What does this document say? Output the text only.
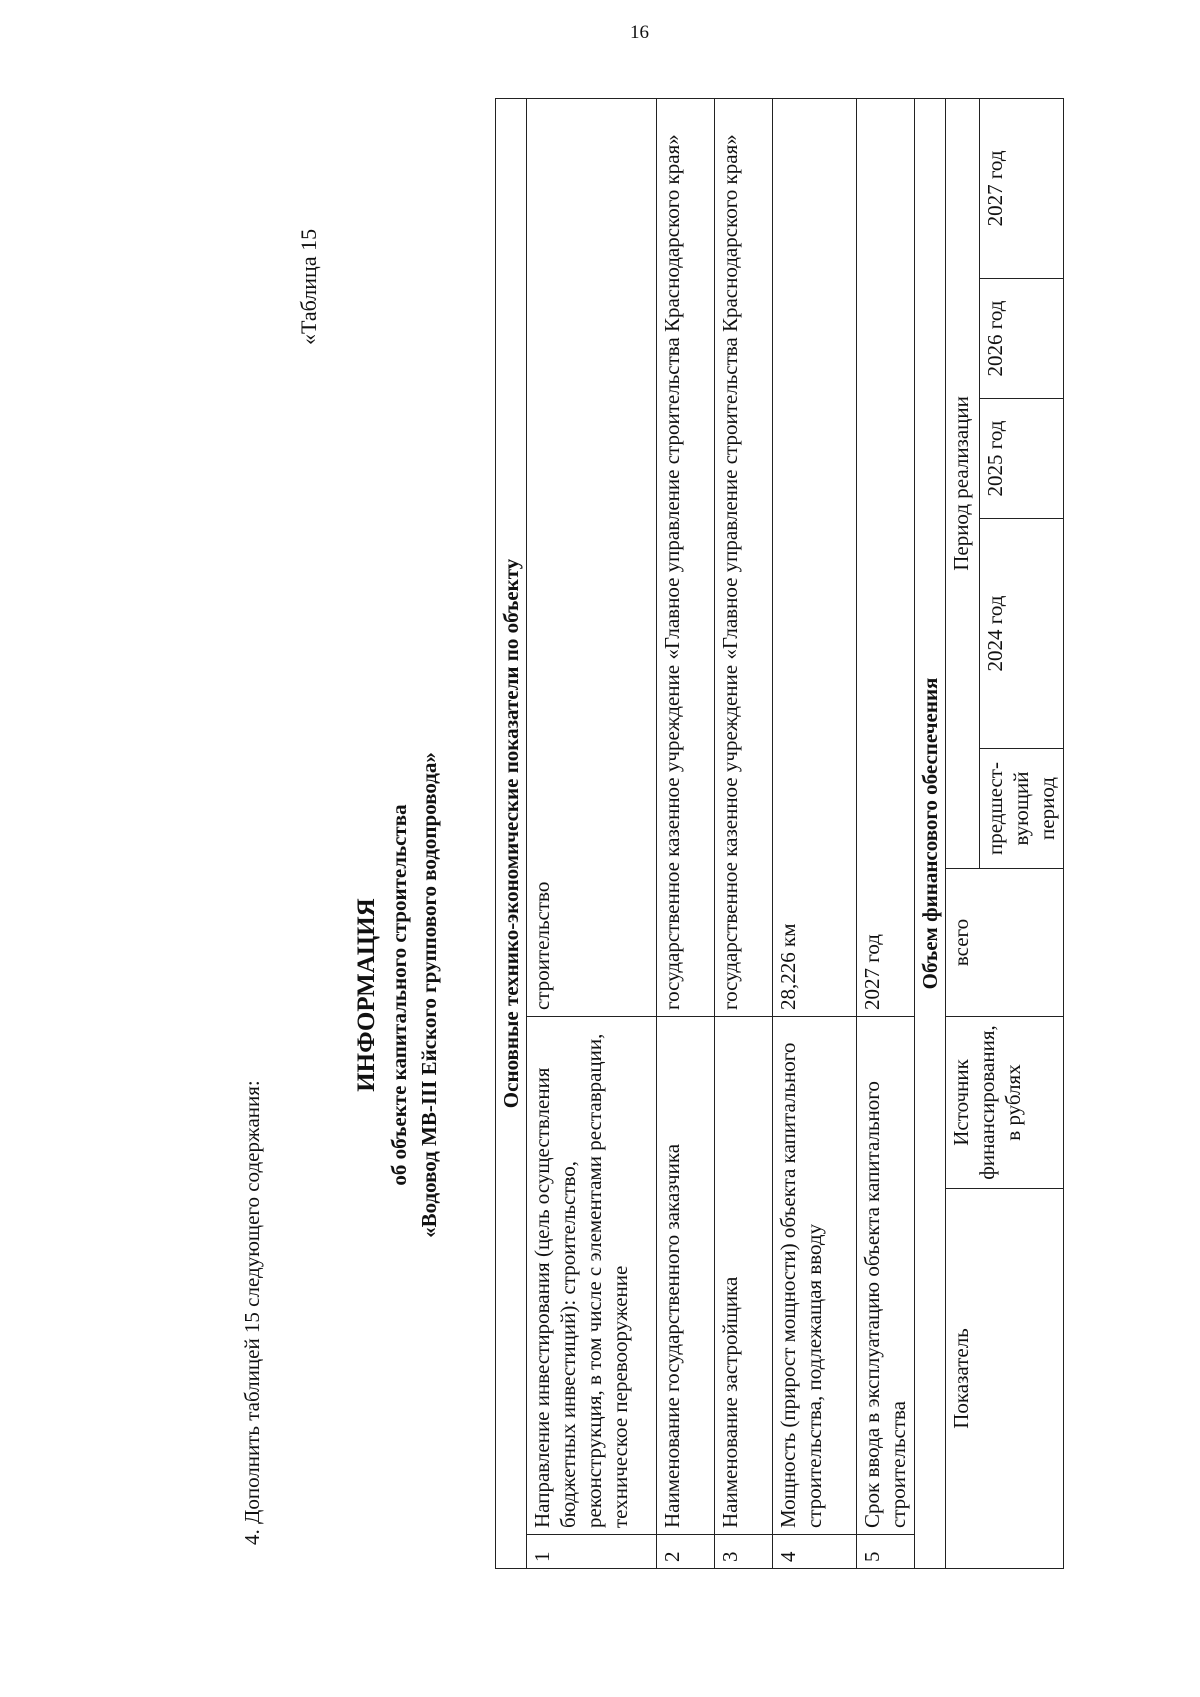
16
4. Дополнить таблицей 15 следующего содержания:
«Таблица 15
ИНФОРМАЦИЯ об объекте капитального строительства «Водовод МВ-III Ейского группового водопровода»	Основные технико-экономические показатели по объекту								
1	Направление инвестирования (цель осуществления бюджетных инвестиций): строительство, реконструкция, в том числе с элементами реставрации, техническое перевооружение		строительство					
2	Наименование государственного заказчика		государственное казенное учреждение «Главное управление строительства Краснодарского края»					
3	Наименование застройщика		государственное казенное учреждение «Главное управление строительства Краснодарского края»					
4	Мощность (прирост мощности) объекта капитального строительства, подлежащая вводу		28,226 км					
5	Срок ввода в эксплуатацию объекта капитального строительства		2027 год					
Объем финансового обеспечения								
Показатель		Источник финансирования, в рублях	всего	Период реализации				
				предшест-вующий период	2024 год	2025 год	2026 год	2027 год
